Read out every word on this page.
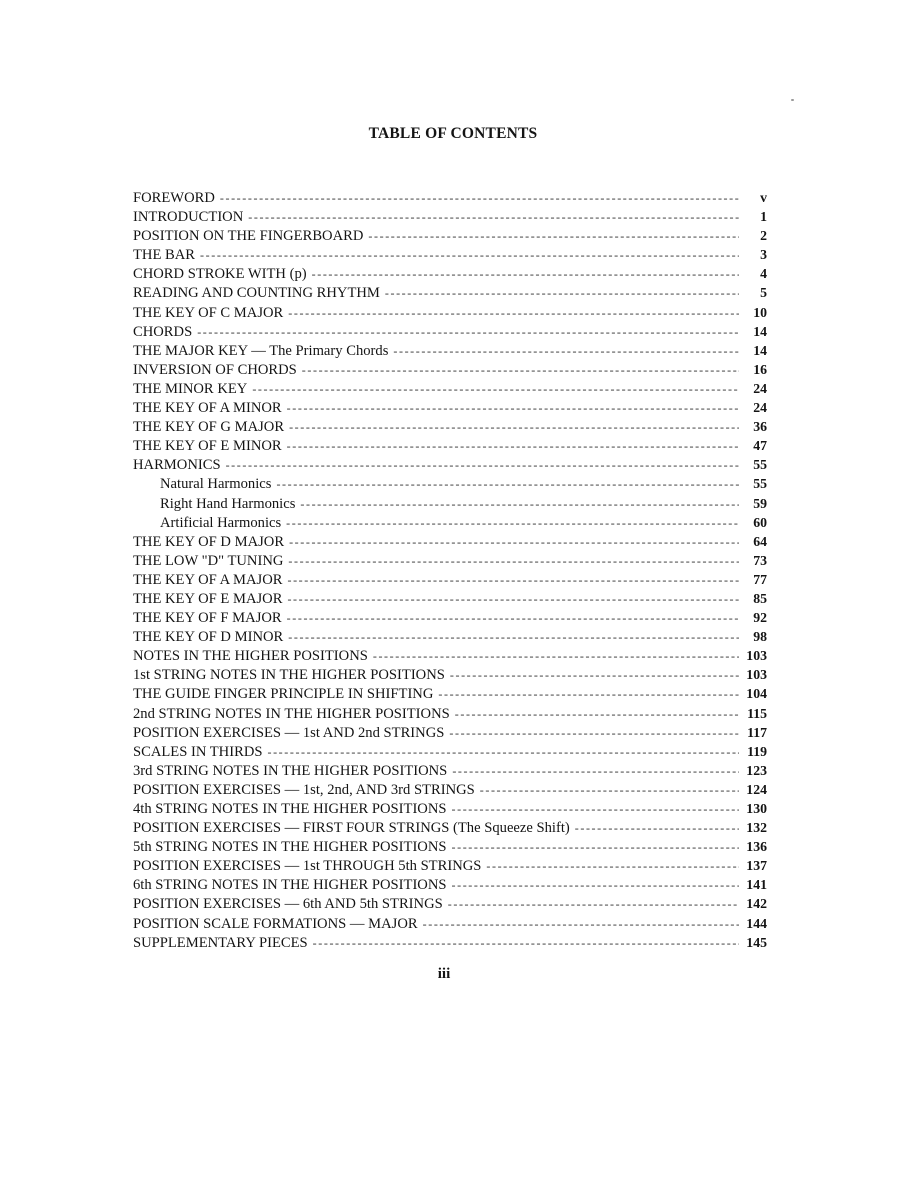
TABLE OF CONTENTS
FOREWORD -----	v
INTRODUCTION -----	1
POSITION ON THE FINGERBOARD -----	2
THE BAR -----	3
CHORD STROKE WITH (p) -----	4
READING AND COUNTING RHYTHM -----	5
THE KEY OF C MAJOR -----	10
CHORDS -----	14
THE MAJOR KEY — The Primary Chords -----	14
INVERSION OF CHORDS -----	16
THE MINOR KEY -----	24
THE KEY OF A MINOR -----	24
THE KEY OF G MAJOR -----	36
THE KEY OF E MINOR -----	47
HARMONICS -----	55
Natural Harmonics -----	55
Right Hand Harmonics -----	59
Artificial Harmonics -----	60
THE KEY OF D MAJOR -----	64
THE LOW "D" TUNING -----	73
THE KEY OF A MAJOR -----	77
THE KEY OF E MAJOR -----	85
THE KEY OF F MAJOR -----	92
THE KEY OF D MINOR -----	98
NOTES IN THE HIGHER POSITIONS -----	103
1st STRING NOTES IN THE HIGHER POSITIONS -----	103
THE GUIDE FINGER PRINCIPLE IN SHIFTING -----	104
2nd STRING NOTES IN THE HIGHER POSITIONS -----	115
POSITION EXERCISES — 1st AND 2nd STRINGS -----	117
SCALES IN THIRDS -----	119
3rd STRING NOTES IN THE HIGHER POSITIONS -----	123
POSITION EXERCISES — 1st, 2nd, AND 3rd STRINGS -----	124
4th STRING NOTES IN THE HIGHER POSITIONS -----	130
POSITION EXERCISES — FIRST FOUR STRINGS (The Squeeze Shift) -----	132
5th STRING NOTES IN THE HIGHER POSITIONS -----	136
POSITION EXERCISES — 1st THROUGH 5th STRINGS -----	137
6th STRING NOTES IN THE HIGHER POSITIONS -----	141
POSITION EXERCISES — 6th AND 5th STRINGS -----	142
POSITION SCALE FORMATIONS — MAJOR -----	144
SUPPLEMENTARY PIECES -----	145
iii
